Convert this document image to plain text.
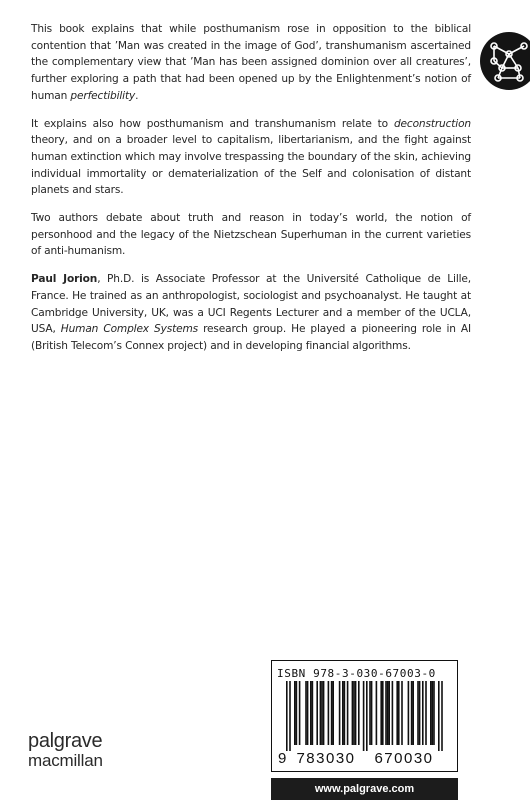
This book explains that while posthumanism rose in opposition to the biblical contention that ’Man was created in the image of God’, transhumanism ascertained the complementary view that ’Man has been assigned dominion over all creatures’, further exploring a path that had been opened up by the Enlightenment’s notion of human perfectibility.

It explains also how posthumanism and transhumanism relate to deconstruction theory, and on a broader level to capitalism, libertarianism, and the fight against human extinction which may involve trespassing the boundary of the skin, achieving individual immortality or dematerialization of the Self and colonisation of distant planets and stars.

Two authors debate about truth and reason in today’s world, the notion of personhood and the legacy of the Nietzschean Superhuman in the current varieties of anti-humanism.

Paul Jorion, Ph.D. is Associate Professor at the Université Catholique de Lille, France. He trained as an anthropologist, sociologist and psychoanalyst. He taught at Cambridge University, UK, was a UCI Regents Lecturer and a member of the UCLA, USA, Human Complex Systems research group. He played a pioneering role in AI (British Telecom’s Connex project) and in developing financial algorithms.

ISBN 978-3-030-67003-0
9 783030 670030
www.palgrave.com
palgrave
macmillan
